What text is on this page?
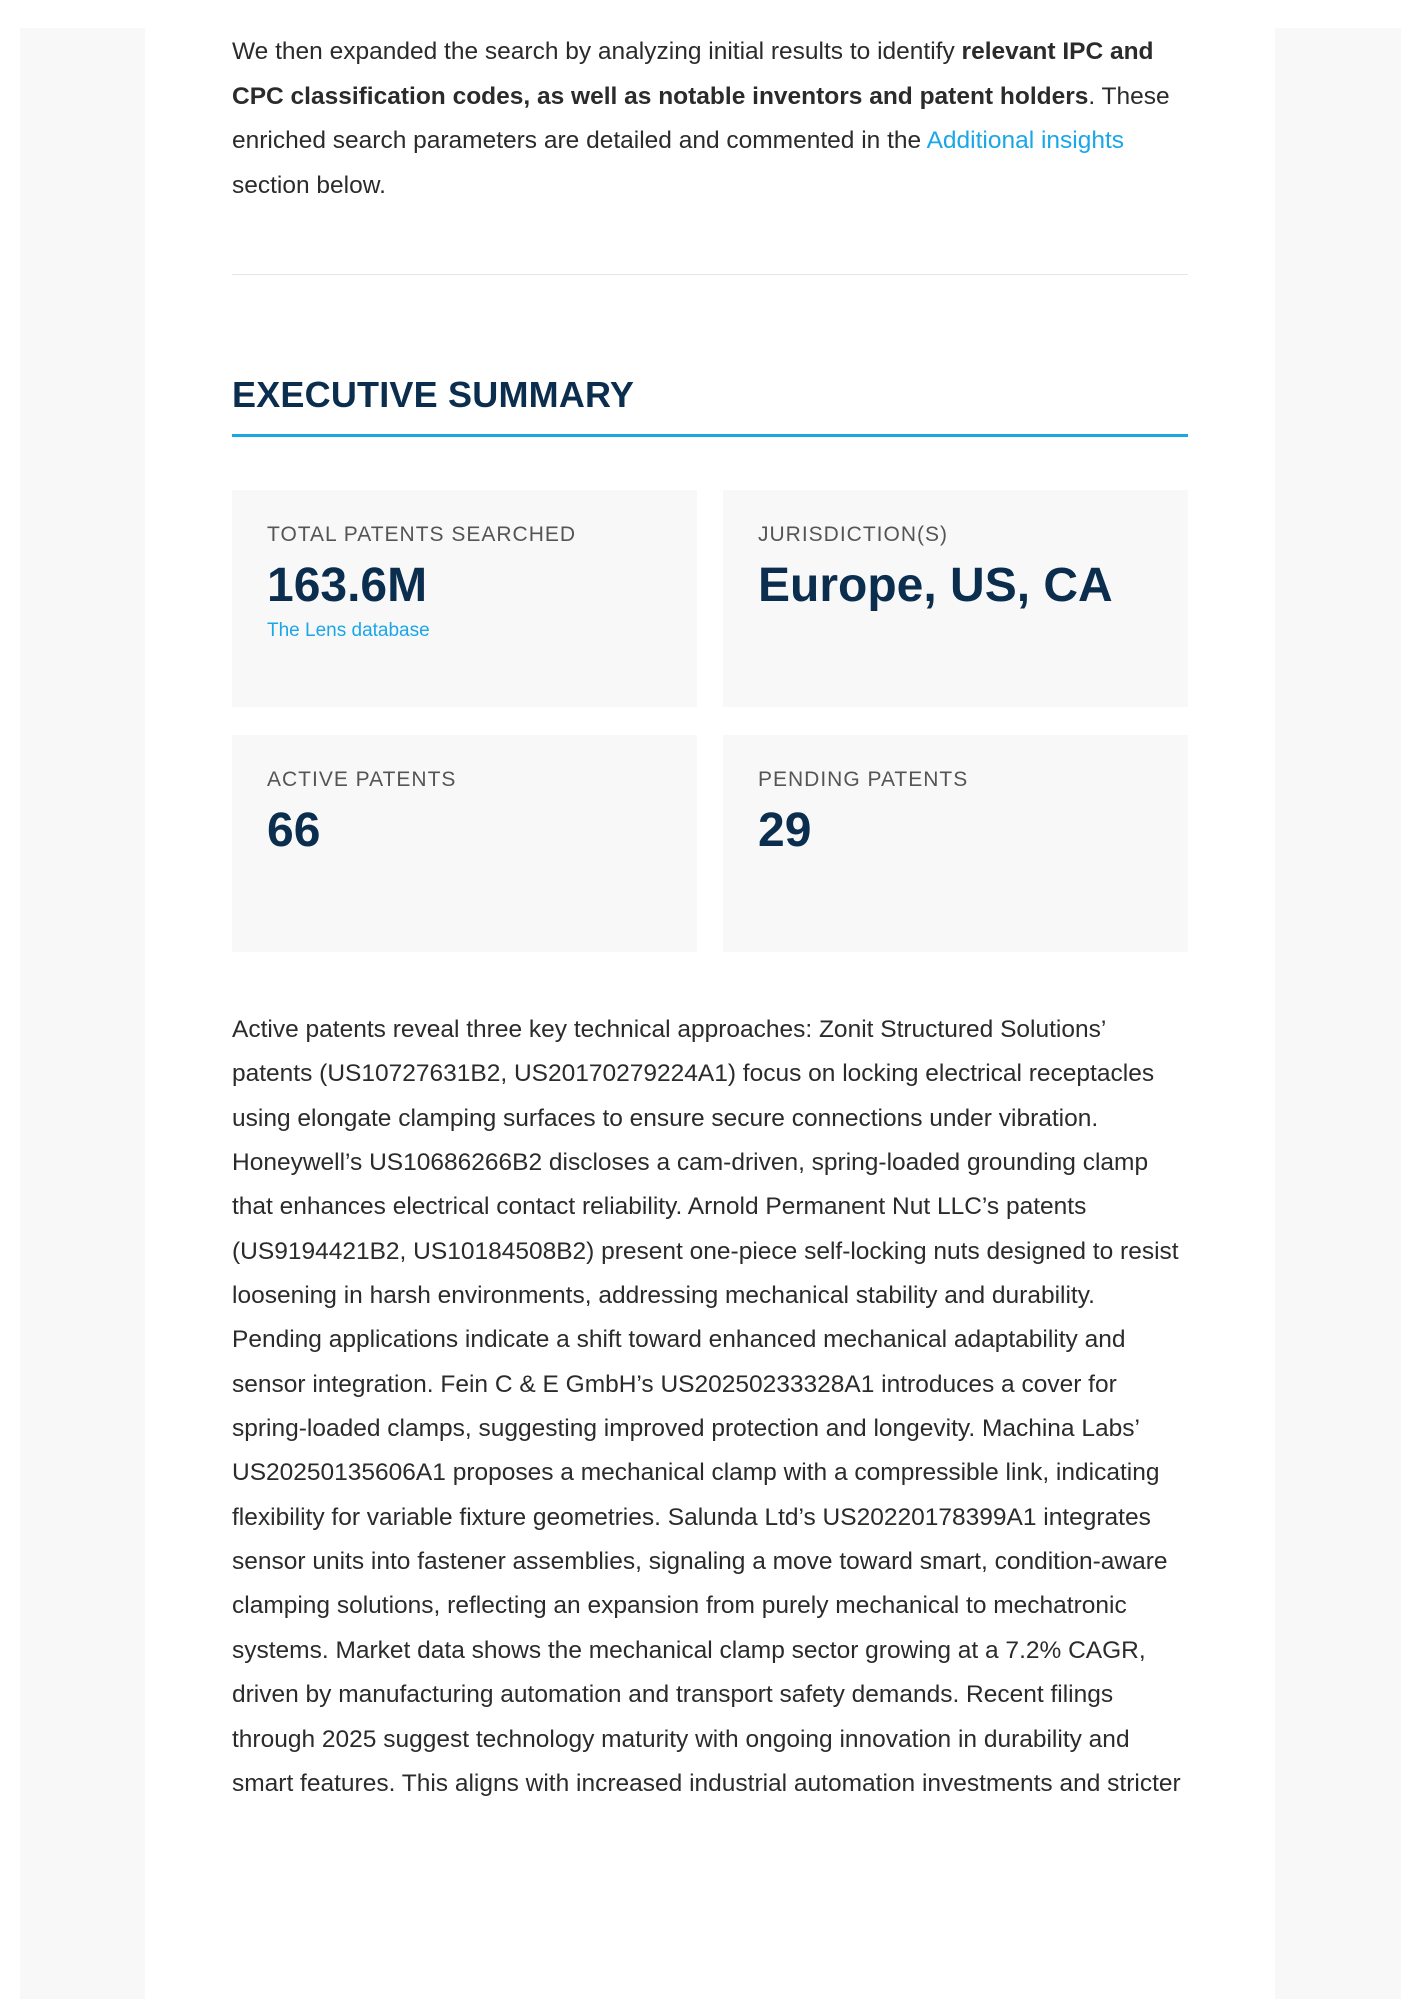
We then expanded the search by analyzing initial results to identify relevant IPC and CPC classification codes, as well as notable inventors and patent holders. These enriched search parameters are detailed and commented in the Additional insights section below.

EXECUTIVE SUMMARY
TOTAL PATENTS SEARCHED
163.6M
The Lens database
JURISDICTION(S)
Europe, US, CA
ACTIVE PATENTS
66
PENDING PATENTS
29

Active patents reveal three key technical approaches: Zonit Structured Solutions’ patents (US10727631B2, US20170279224A1) focus on locking electrical receptacles using elongate clamping surfaces to ensure secure connections under vibration. Honeywell’s US10686266B2 discloses a cam-driven, spring-loaded grounding clamp that enhances electrical contact reliability. Arnold Permanent Nut LLC’s patents (US9194421B2, US10184508B2) present one-piece self-locking nuts designed to resist loosening in harsh environments, addressing mechanical stability and durability. Pending applications indicate a shift toward enhanced mechanical adaptability and sensor integration. Fein C & E GmbH’s US20250233328A1 introduces a cover for spring-loaded clamps, suggesting improved protection and longevity. Machina Labs’ US20250135606A1 proposes a mechanical clamp with a compressible link, indicating flexibility for variable fixture geometries. Salunda Ltd’s US20220178399A1 integrates sensor units into fastener assemblies, signaling a move toward smart, condition-aware clamping solutions, reflecting an expansion from purely mechanical to mechatronic systems. Market data shows the mechanical clamp sector growing at a 7.2% CAGR, driven by manufacturing automation and transport safety demands. Recent filings through 2025 suggest technology maturity with ongoing innovation in durability and smart features. This aligns with increased industrial automation investments and stricter
